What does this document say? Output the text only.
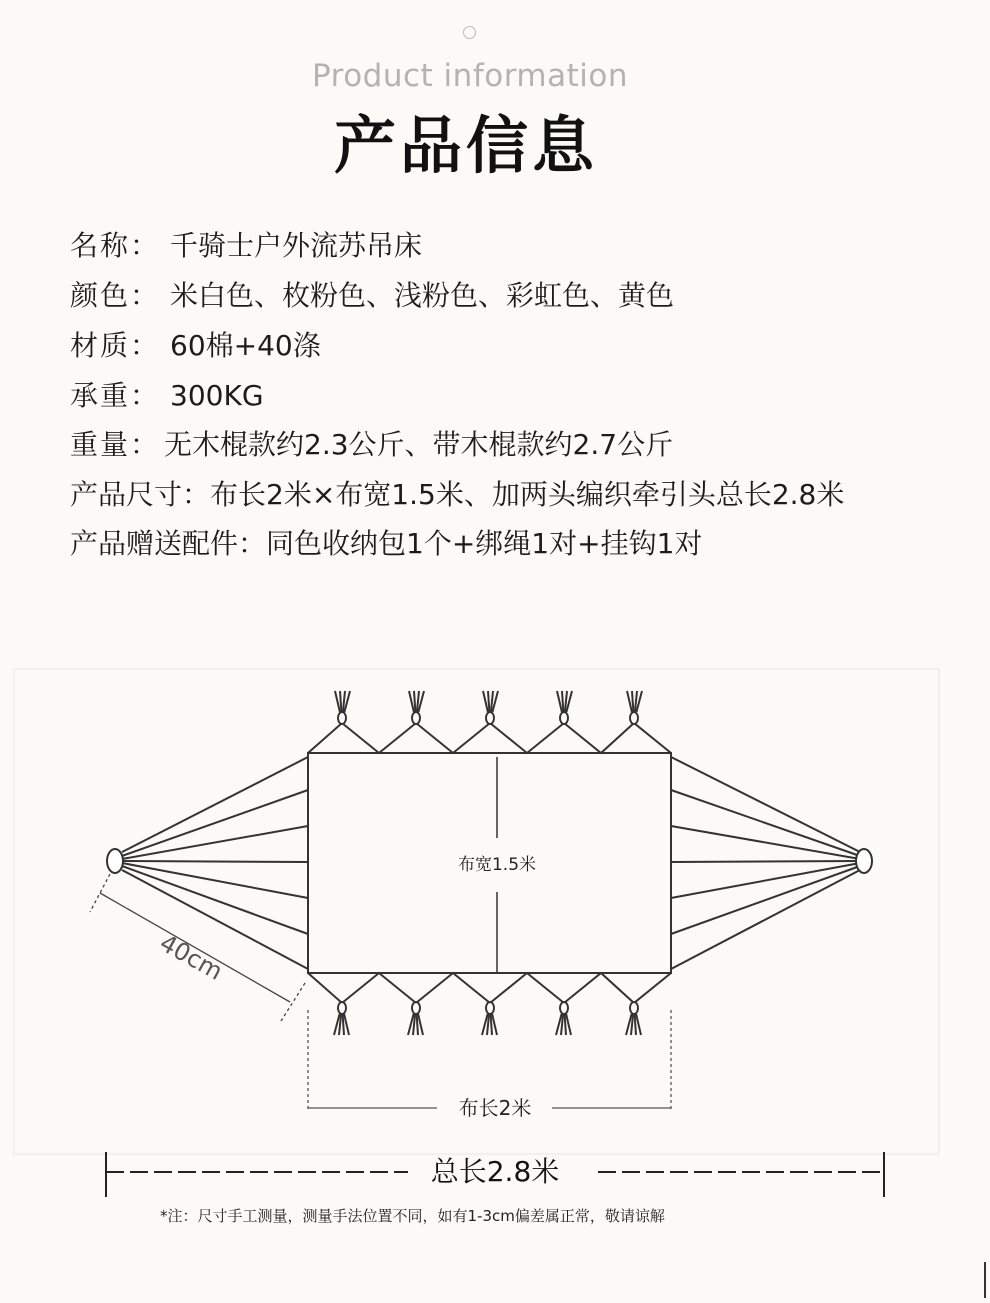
Product information
产品信息
名称： 千骑士户外流苏吊床
颜色： 米白色、枚粉色、浅粉色、彩虹色、黄色
材质： 60棉+40涤
承重： 300KG
重量： 无木棍款约2.3公斤、带木棍款约2.7公斤
产品尺寸：布长2米×布宽1.5米、加两头编织牵引头总长2.8米
产品赠送配件：同色收纳包1个+绑绳1对+挂钩1对
布宽1.5米
40cm
布长2米
总长2.8米
*注：尺寸手工测量，测量手法位置不同，如有1-3cm偏差属正常，敬请谅解
